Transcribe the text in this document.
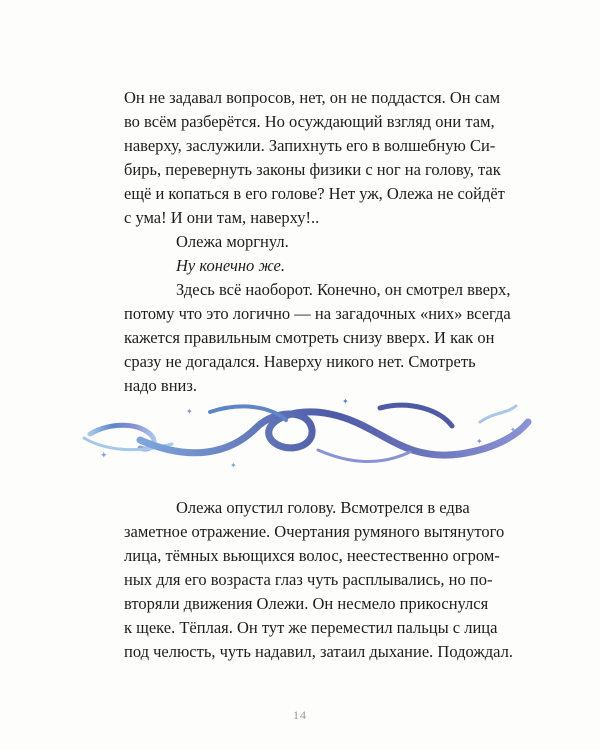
Он не задавал вопросов, нет, он не поддастся. Он сам

во всём разберётся. Но осуждающий взгляд они там,

наверху, заслужили. Запихнуть его в волшебную Си-

бирь, перевернуть законы физики с ног на голову, так

ещё и копаться в его голове? Нет уж, Олежа не сойдёт

с ума! И они там, наверху!..

Олежа моргнул.

Ну конечно же.

Здесь всё наоборот. Конечно, он смотрел вверх,

потому что это логично — на загадочных «них» всегда

кажется правильным смотреть снизу вверх. И как он

сразу не догадался. Наверху никого нет. Смотреть

надо вниз.

✦
✦
✦
✦
✦
✦

Олежа опустил голову. Всмотрелся в едва

заметное отражение. Очертания румяного вытянутого

лица, тёмных вьющихся волос, неестественно огром-

ных для его возраста глаз чуть расплывались, но по-

вторяли движения Олежи. Он несмело прикоснулся

к щеке. Тёплая. Он тут же переместил пальцы с лица

под челюсть, чуть надавил, затаил дыхание. Подождал.

14
